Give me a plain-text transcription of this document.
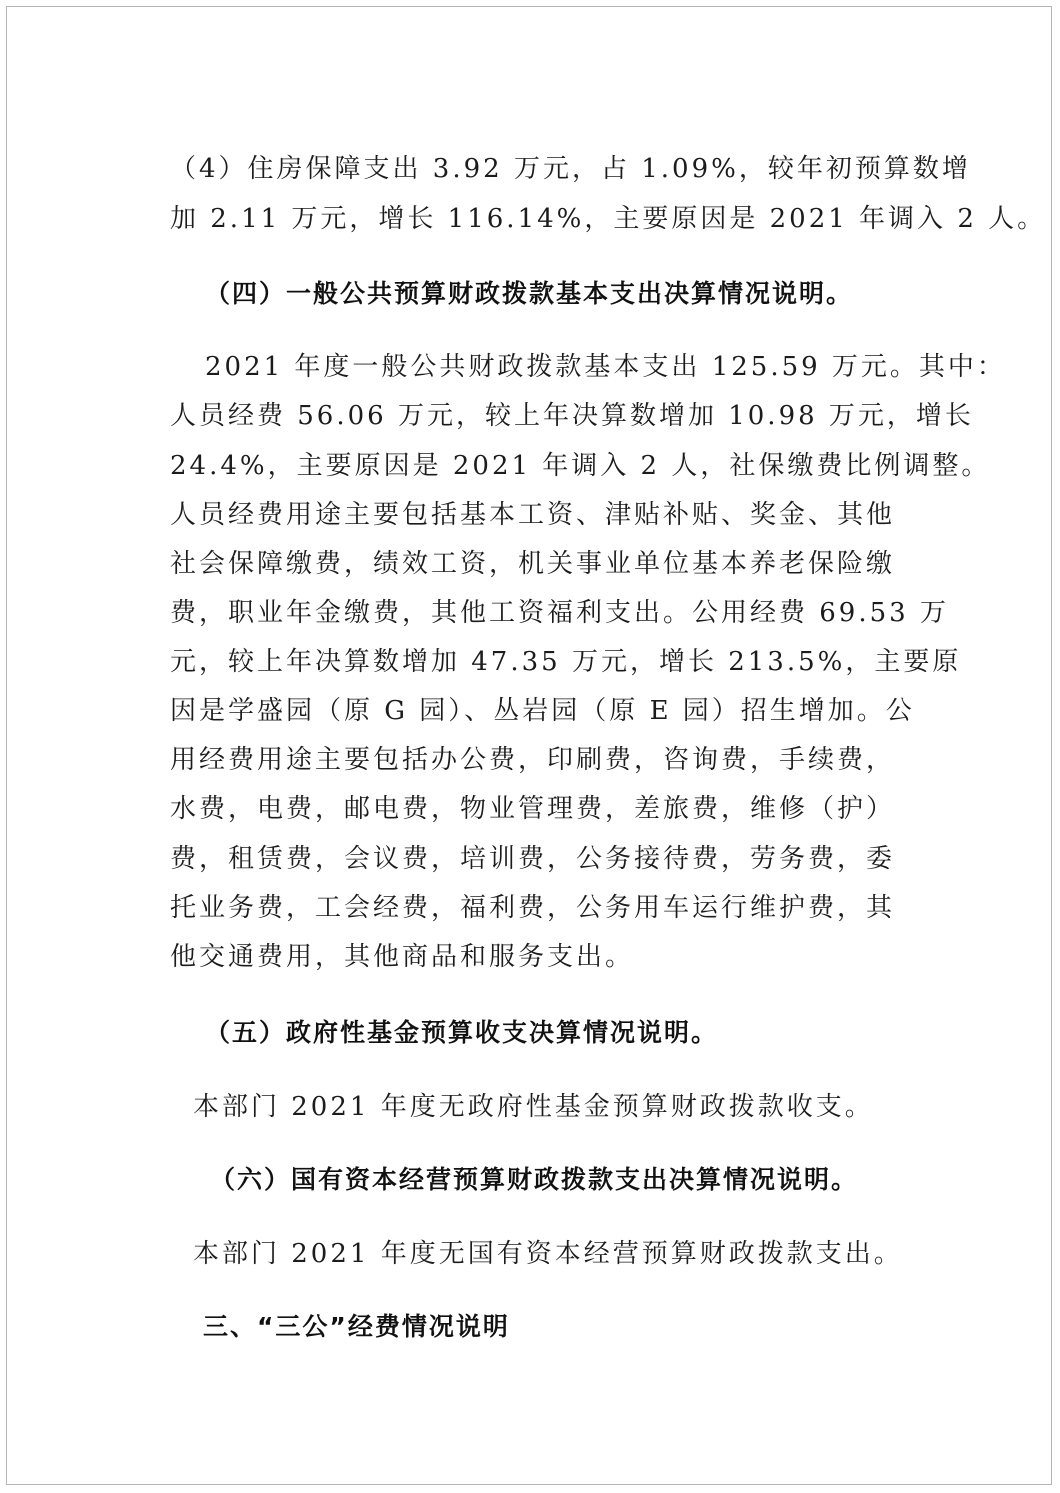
（4）住房保障支出 3.92 万元，占 1.09%，较年初预算数增
加 2.11 万元，增长 116.14%，主要原因是 2021 年调入 2 人。
（四）一般公共预算财政拨款基本支出决算情况说明。
2021 年度一般公共财政拨款基本支出 125.59 万元。其中：
人员经费 56.06 万元，较上年决算数增加 10.98 万元，增长
24.4%，主要原因是 2021 年调入 2 人，社保缴费比例调整。
人员经费用途主要包括基本工资、津贴补贴、奖金、其他
社会保障缴费，绩效工资，机关事业单位基本养老保险缴
费，职业年金缴费，其他工资福利支出。公用经费 69.53 万
元，较上年决算数增加 47.35 万元，增长 213.5%，主要原
因是学盛园（原 G 园）、丛岩园（原 E 园）招生增加。公
用经费用途主要包括办公费，印刷费，咨询费，手续费，
水费，电费，邮电费，物业管理费，差旅费，维修（护）
费，租赁费，会议费，培训费，公务接待费，劳务费，委
托业务费，工会经费，福利费，公务用车运行维护费，其
他交通费用，其他商品和服务支出。
（五）政府性基金预算收支决算情况说明。
本部门 2021 年度无政府性基金预算财政拨款收支。
（六）国有资本经营预算财政拨款支出决算情况说明。
本部门 2021 年度无国有资本经营预算财政拨款支出。
三、“三公”经费情况说明
